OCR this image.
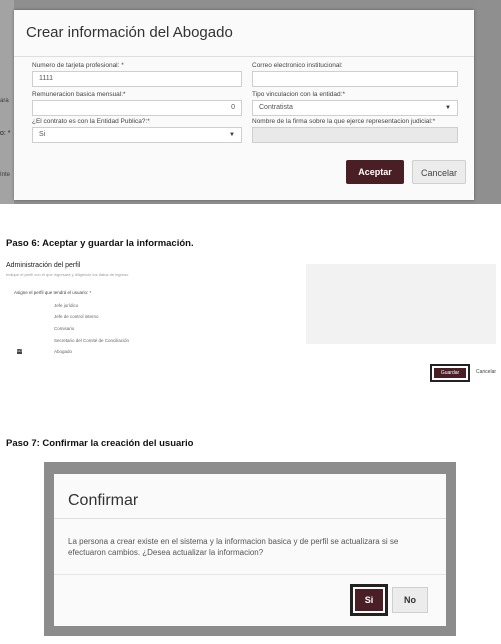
ara
o: *
Inte
Crear información del Abogado
Numero de tarjeta profesional: *
1111
Correo electronico institucional:
Remuneracion basica mensual:*
0
Tipo vinculacion con la entidad:*
Contratista	▼
¿El contrato es con la Entidad Publica?:*
Si	▼
Nombre de la firma sobre la que ejerce representacion judicial:*
Aceptar	Cancelar
Paso 6: Aceptar y guardar la información.
Administración del perfil
Indique el perfil con el que ingresará y diligencie los datos de ingreso
Asigne el perfil que tendrá el usuario: *
Jefe jurídico
Jefe de control interno
Comisario
Secretario del Comité de Conciliación
☑	Abogado
Guardar	Cancelar
Paso 7: Confirmar la creación del usuario
Confirmar
La persona a crear existe en el sistema y la informacion basica y de perfil se actualizara si se efectuaron cambios. ¿Desea actualizar la informacion?
Si	No
